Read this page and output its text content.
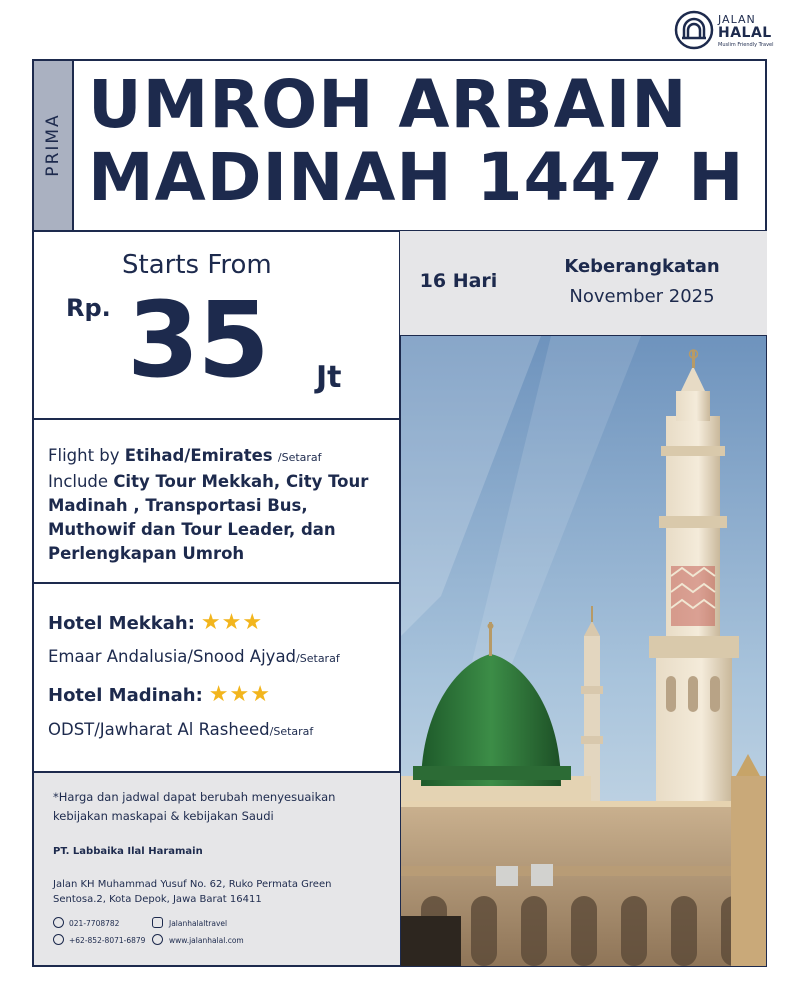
JALAN
HALAL
Muslim Friendly Travel
PRIMA
UMROH ARBAIN
MADINAH 1447 H
Starts From
Rp. 35 Jt
16 Hari
Keberangkatan
November 2025
Flight by Etihad/Emirates /Setaraf
Include City Tour Mekkah, City Tour Madinah , Transportasi Bus, Muthowif dan Tour Leader, dan Perlengkapan Umroh
Hotel Mekkah: ★★★
Emaar Andalusia/Snood Ajyad/Setaraf
Hotel Madinah: ★★★
ODST/Jawharat Al Rasheed/Setaraf
*Harga dan jadwal dapat berubah menyesuaikan kebijakan maskapai & kebijakan Saudi
PT. Labbaika Ilal Haramain
Jalan KH Muhammad Yusuf No. 62, Ruko Permata Green Sentosa.2, Kota Depok, Jawa Barat 16411
021-7708782
+62-852-8071-6879
Jalanhalaltravel
www.jalanhalal.com
